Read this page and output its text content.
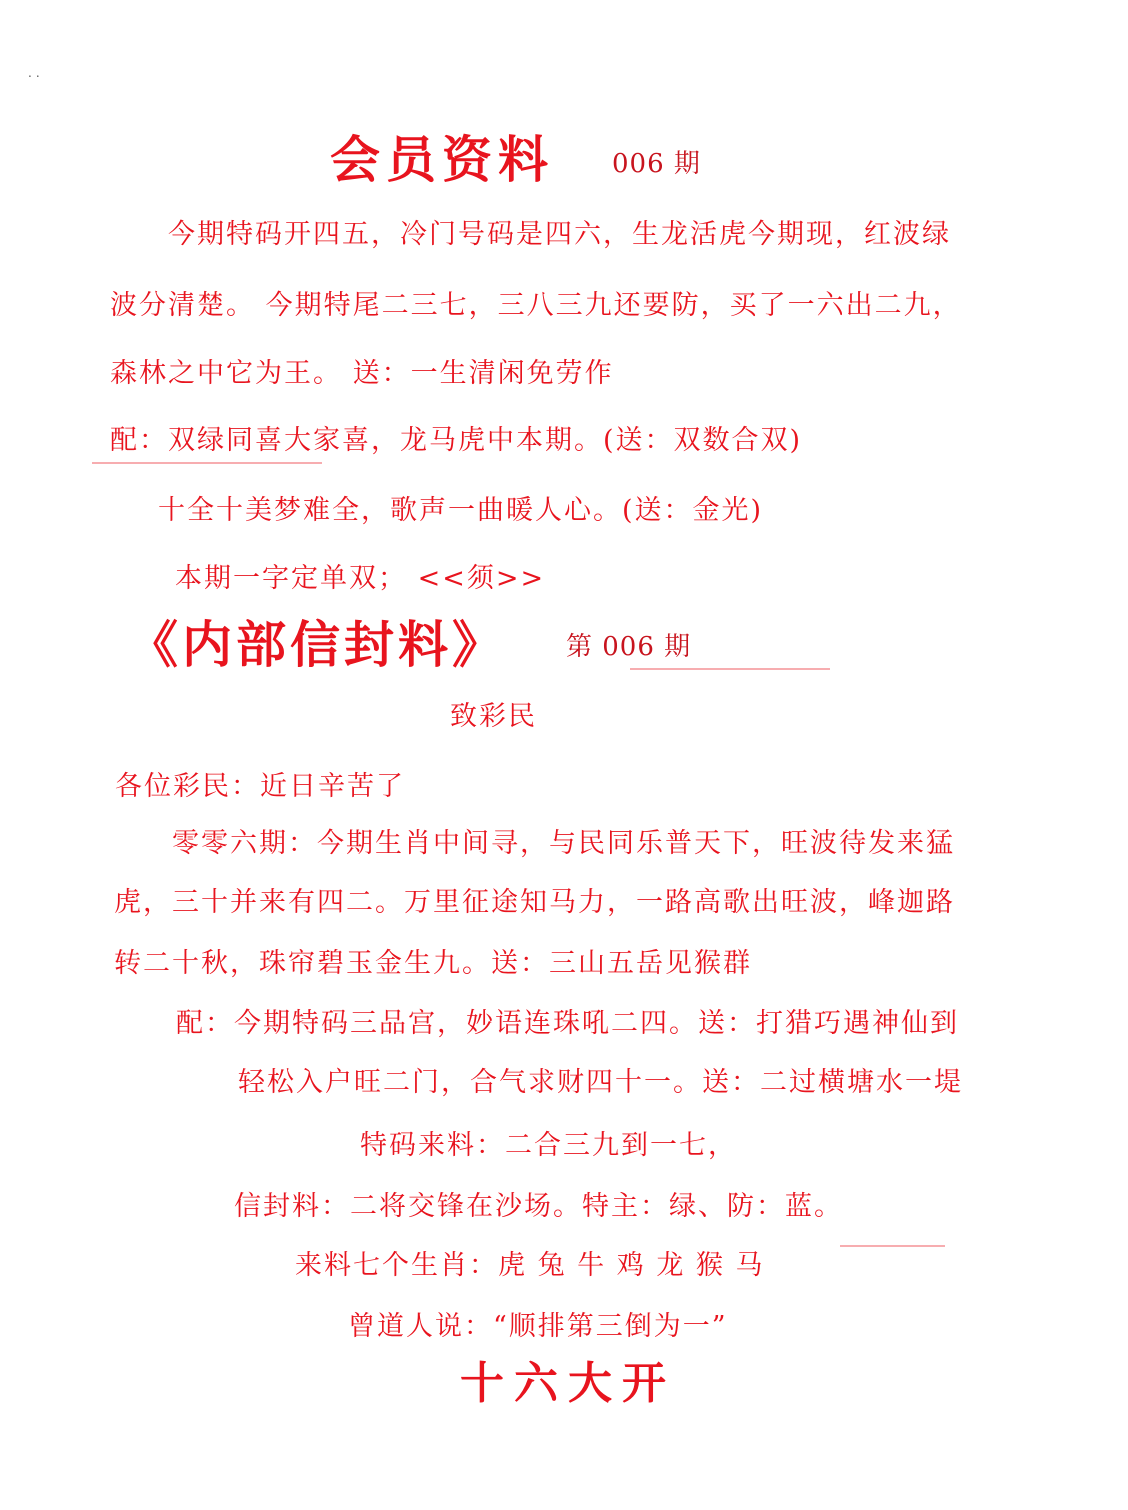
..
会员资料 006 期
今期特码开四五，冷门号码是四六，生龙活虎今期现，红波绿
波分清楚。 今期特尾二三七，三八三九还要防，买了一六出二九，
森林之中它为王。 送：一生清闲免劳作
配：双绿同喜大家喜，龙马虎中本期。(送：双数合双)
十全十美梦难全，歌声一曲暖人心。(送：金光)
本期一字定单双； <<须>>
《内部信封料》 第 006 期
致彩民
各位彩民：近日辛苦了
零零六期：今期生肖中间寻，与民同乐普天下，旺波待发来猛
虎，三十并来有四二。万里征途知马力，一路高歌出旺波，峰迦路
转二十秋，珠帘碧玉金生九。送：三山五岳见猴群
配：今期特码三品宫，妙语连珠吼二四。送：打猎巧遇神仙到
轻松入户旺二门，合气求财四十一。送：二过横塘水一堤
特码来料：二合三九到一七，
信封料：二将交锋在沙场。特主：绿、防：蓝。
来料七个生肖：虎 兔 牛 鸡 龙 猴 马
曾道人说：“顺排第三倒为一”
十六大开
